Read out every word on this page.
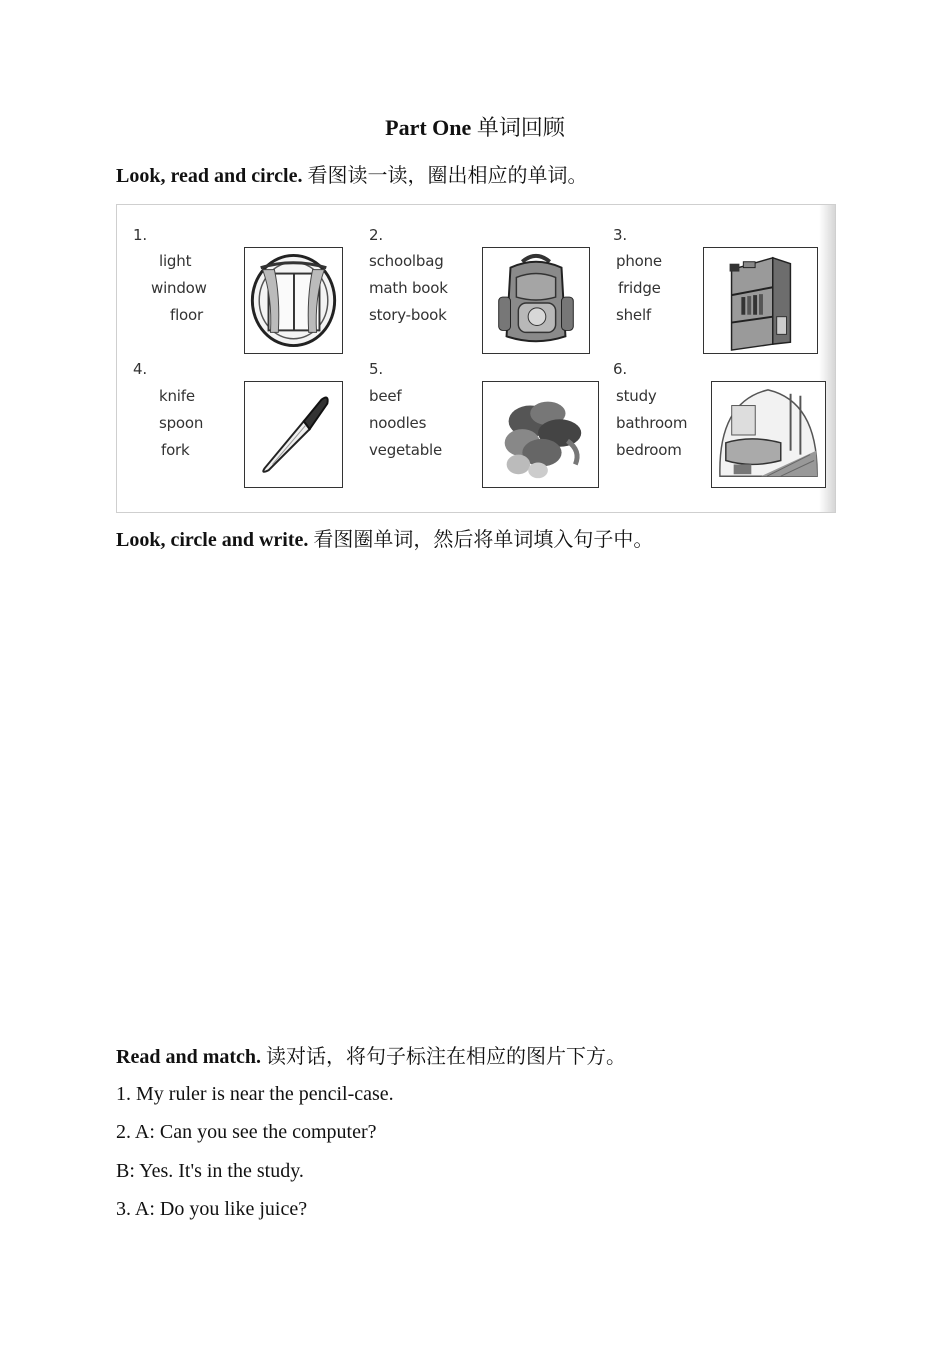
Part One 单词回顾
Look, read and circle. 看图读一读，圈出相应的单词。
1.
light
window
floor
2.
schoolbag
math book
story-book
3.
phone
fridge
shelf
4.
knife
spoon
fork
5.
beef
noodles
vegetable
6.
study
bathroom
bedroom
Look, circle and write. 看图圈单词，然后将单词填入句子中。
Read and match. 读对话，将句子标注在相应的图片下方。
1. My ruler is near the pencil-case.
2. A: Can you see the computer?
B: Yes. It's in the study.
3. A: Do you like juice?
